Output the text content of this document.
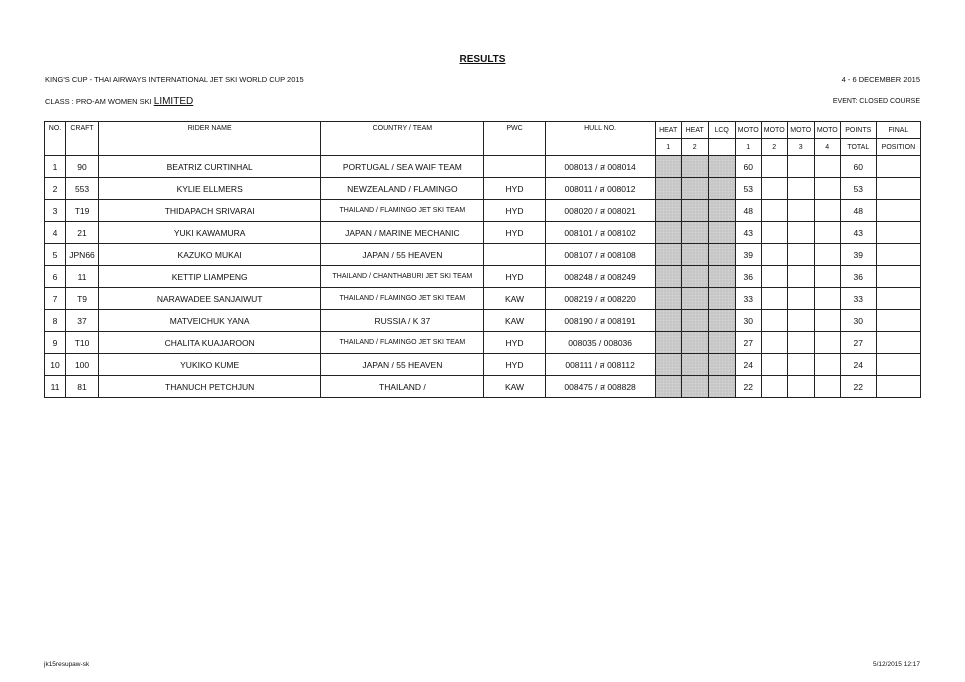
RESULTS
KING'S CUP - THAI AIRWAYS INTERNATIONAL JET SKI WORLD CUP 2015	4 - 6 DECEMBER 2015
CLASS : PRO-AM WOMEN SKI LIMITED	EVENT: CLOSED COURSE
NO.	CRAFT	RIDER NAME	COUNTRY / TEAM	PWC	HULL NO.	HEAT	HEAT	LCQ	MOTO	MOTO	MOTO	MOTO	POINTS	FINAL
						1	2		1	2	3	4	TOTAL	POSITION
1	90	BEATRIZ CURTINHAL	PORTUGAL / SEA WAIF TEAM		008013 / ส 008014				60				60	
2	553	KYLIE ELLMERS	NEWZEALAND / FLAMINGO	HYD	008011 / ส 008012				53				53	
3	T19	THIDAPACH SRIVARAI	THAILAND / FLAMINGO JET SKI TEAM	HYD	008020 / ส 008021				48				48	
4	21	YUKI KAWAMURA	JAPAN / MARINE MECHANIC	HYD	008101 / ส 008102				43				43	
5	JPN66	KAZUKO MUKAI	JAPAN / 55 HEAVEN		008107 / ส 008108				39				39	
6	11	KETTIP LIAMPENG	THAILAND / CHANTHABURI JET SKI TEAM	HYD	008248 / ส 008249				36				36	
7	T9	NARAWADEE SANJAIWUT	THAILAND / FLAMINGO JET SKI TEAM	KAW	008219 / ส 008220				33				33	
8	37	MATVEICHUK YANA	RUSSIA / K 37	KAW	008190 / ส 008191				30				30	
9	T10	CHALITA KUAJAROON	THAILAND / FLAMINGO JET SKI TEAM	HYD	008035 / 008036				27				27	
10	100	YUKIKO KUME	JAPAN / 55 HEAVEN	HYD	008111 / ส 008112				24				24	
11	81	THANUCH PETCHJUN	THAILAND /	KAW	008475 / ส 008828				22				22	
jk15resupaw-sk	5/12/2015 12:17
